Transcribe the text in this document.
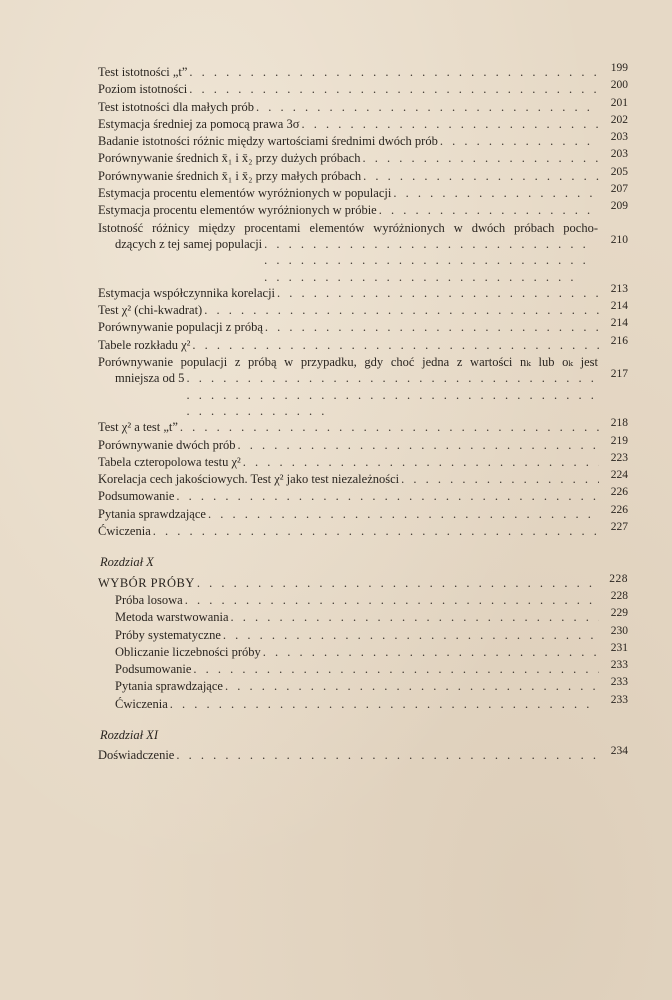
Test istotności „t” . . .	199
Poziom istotności . . .	200
Test istotności dla małych prób . . .	201
Estymacja średniej za pomocą prawa 3σ . . .	202
Badanie istotności różnic między wartościami średnimi dwóch prób . . .	203
Porównywanie średnich x̄₁ i x̄₂ przy dużych próbach . . .	203
Porównywanie średnich x̄₁ i x̄₂ przy małych próbach . . .	205
Estymacja procentu elementów wyróżnionych w populacji . . .	207
Estymacja procentu elementów wyróżnionych w próbie . . .	209
Istotność różnicy między procentami elementów wyróżnionych w dwóch próbach pocho-
dzących z tej samej populacji . . .	210
Estymacja współczynnika korelacji . . .	213
Test χ² (chi-kwadrat) . . .	214
Porównywanie populacji z próbą . . .	214
Tabele rozkładu χ² . . .	216
Porównywanie populacji z próbą w przypadku, gdy choć jedna z wartości nₖ lub oₖ jest
mniejsza od 5 . . .	217
Test χ² a test „t” . . .	218
Porównywanie dwóch prób . . .	219
Tabela czteropolowa testu χ² . . .	223
Korelacja cech jakościowych. Test χ² jako test niezależności . . .	224
Podsumowanie . . .	226
Pytania sprawdzające . . .	226
Ćwiczenia . . .	227
Rozdział X
WYBÓR PRÓBY . . .	228
Próba losowa . . .	228
Metoda warstwowania . . .	229
Próby systematyczne . . .	230
Obliczanie liczebności próby . . .	231
Podsumowanie . . .	233
Pytania sprawdzające . . .	233
Ćwiczenia . . .	233
Rozdział XI
Doświadczenie . . .	234
